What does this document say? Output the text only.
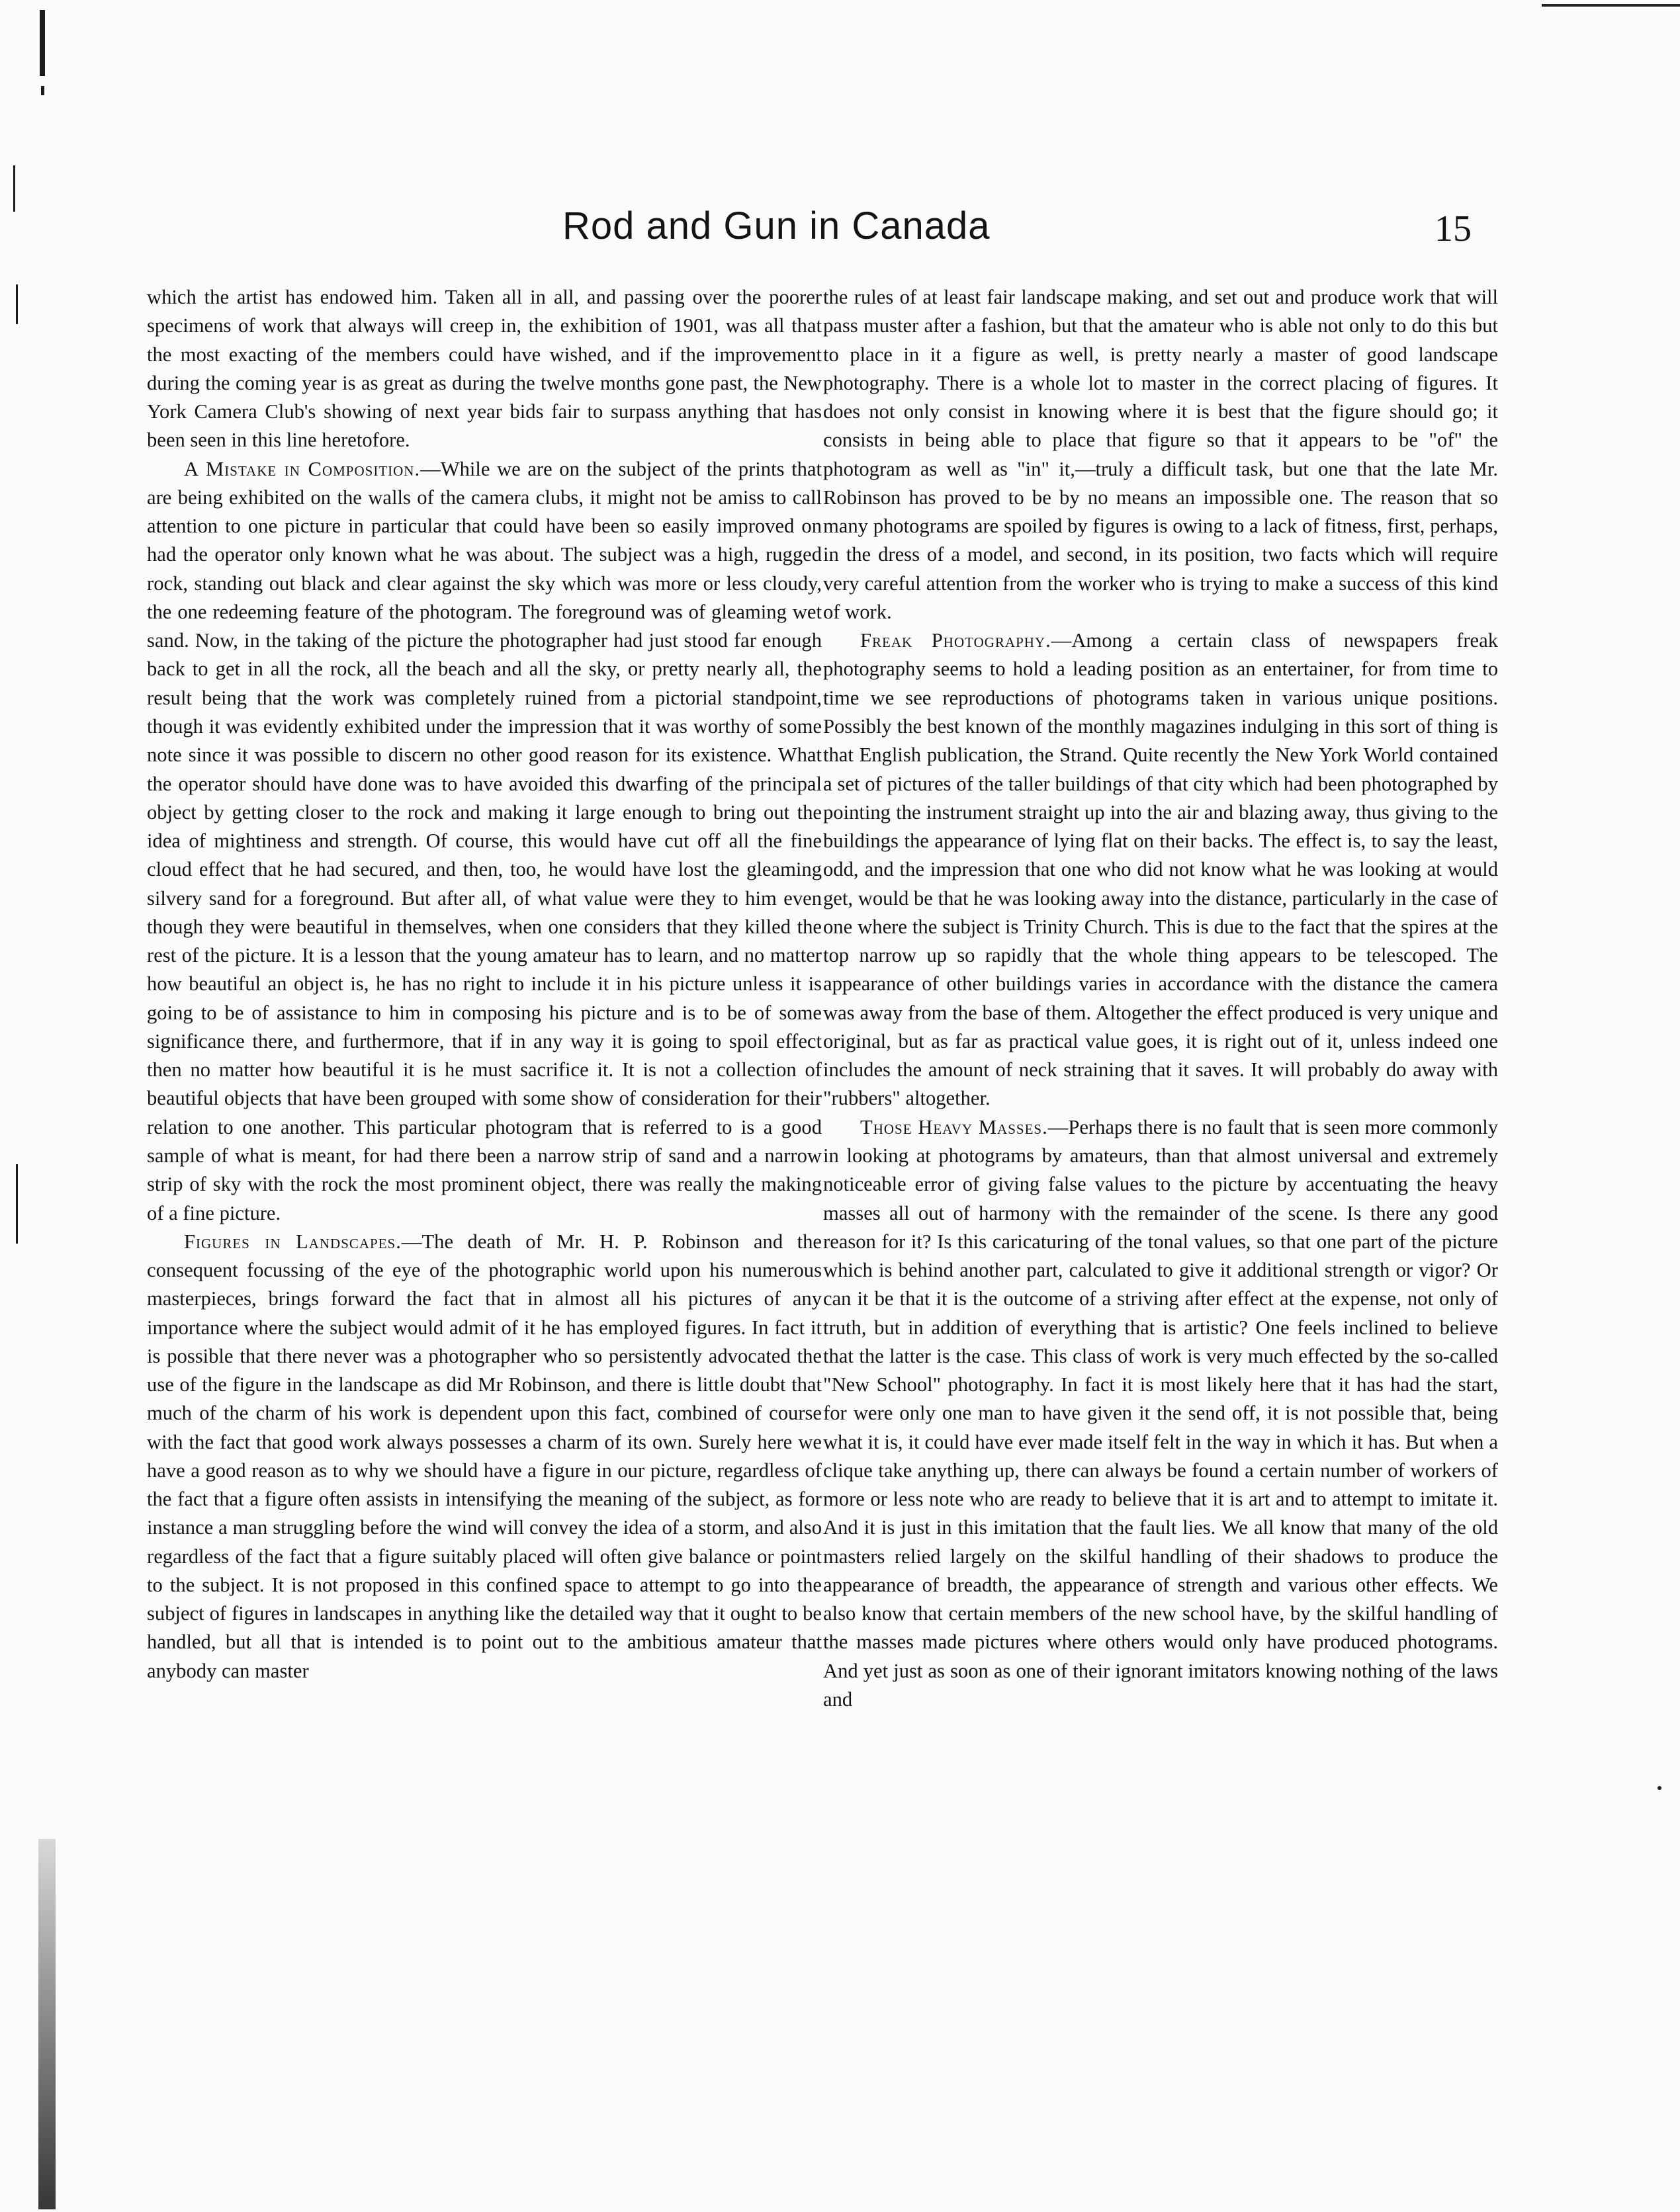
Rod and Gun in Canada	15

which the artist has endowed him. Taken all in all, and passing over the poorer specimens of work that always will creep in, the exhibition of 1901, was all that the most exacting of the members could have wished, and if the improvement during the coming year is as great as during the twelve months gone past, the New York Camera Club's showing of next year bids fair to surpass anything that has been seen in this line heretofore.

A Mistake in Composition.—While we are on the subject of the prints that are being exhibited on the walls of the camera clubs, it might not be amiss to call attention to one picture in particular that could have been so easily improved on had the operator only known what he was about. The subject was a high, rugged rock, standing out black and clear against the sky which was more or less cloudy, the one redeeming feature of the photogram. The foreground was of gleaming wet sand. Now, in the taking of the picture the photographer had just stood far enough back to get in all the rock, all the beach and all the sky, or pretty nearly all, the result being that the work was completely ruined from a pictorial standpoint, though it was evidently exhibited under the impression that it was worthy of some note since it was possible to discern no other good reason for its existence. What the operator should have done was to have avoided this dwarfing of the principal object by getting closer to the rock and making it large enough to bring out the idea of mightiness and strength. Of course, this would have cut off all the fine cloud effect that he had secured, and then, too, he would have lost the gleaming silvery sand for a foreground. But after all, of what value were they to him even though they were beautiful in themselves, when one considers that they killed the rest of the picture. It is a lesson that the young amateur has to learn, and no matter how beautiful an object is, he has no right to include it in his picture unless it is going to be of assistance to him in composing his picture and is to be of some significance there, and furthermore, that if in any way it is going to spoil effect then no matter how beautiful it is he must sacrifice it. It is not a collection of beautiful objects that have been grouped with some show of consideration for their relation to one another. This particular photogram that is referred to is a good sample of what is meant, for had there been a narrow strip of sand and a narrow strip of sky with the rock the most prominent object, there was really the making of a fine picture.

Figures in Landscapes.—The death of Mr. H. P. Robinson and the consequent focussing of the eye of the photographic world upon his numerous masterpieces, brings forward the fact that in almost all his pictures of any importance where the subject would admit of it he has employed figures. In fact it is possible that there never was a photographer who so persistently advocated the use of the figure in the landscape as did Mr Robinson, and there is little doubt that much of the charm of his work is dependent upon this fact, combined of course with the fact that good work always possesses a charm of its own. Surely here we have a good reason as to why we should have a figure in our picture, regardless of the fact that a figure often assists in intensifying the meaning of the subject, as for instance a man struggling before the wind will convey the idea of a storm, and also regardless of the fact that a figure suitably placed will often give balance or point to the subject. It is not proposed in this confined space to attempt to go into the subject of figures in landscapes in anything like the detailed way that it ought to be handled, but all that is intended is to point out to the ambitious amateur that anybody can master

the rules of at least fair landscape making, and set out and produce work that will pass muster after a fashion, but that the amateur who is able not only to do this but to place in it a figure as well, is pretty nearly a master of good landscape photography. There is a whole lot to master in the correct placing of figures. It does not only consist in knowing where it is best that the figure should go; it consists in being able to place that figure so that it appears to be "of" the photogram as well as "in" it,—truly a difficult task, but one that the late Mr. Robinson has proved to be by no means an impossible one. The reason that so many photograms are spoiled by figures is owing to a lack of fitness, first, perhaps, in the dress of a model, and second, in its position, two facts which will require very careful attention from the worker who is trying to make a success of this kind of work.

Freak Photography.—Among a certain class of newspapers freak photography seems to hold a leading position as an entertainer, for from time to time we see reproductions of photograms taken in various unique positions. Possibly the best known of the monthly magazines indulging in this sort of thing is that English publication, the Strand. Quite recently the New York World contained a set of pictures of the taller buildings of that city which had been photographed by pointing the instrument straight up into the air and blazing away, thus giving to the buildings the appearance of lying flat on their backs. The effect is, to say the least, odd, and the impression that one who did not know what he was looking at would get, would be that he was looking away into the distance, particularly in the case of one where the subject is Trinity Church. This is due to the fact that the spires at the top narrow up so rapidly that the whole thing appears to be telescoped. The appearance of other buildings varies in accordance with the distance the camera was away from the base of them. Altogether the effect produced is very unique and original, but as far as practical value goes, it is right out of it, unless indeed one includes the amount of neck straining that it saves. It will probably do away with "rubbers" altogether.

Those Heavy Masses.—Perhaps there is no fault that is seen more commonly in looking at photograms by amateurs, than that almost universal and extremely noticeable error of giving false values to the picture by accentuating the heavy masses all out of harmony with the remainder of the scene. Is there any good reason for it? Is this caricaturing of the tonal values, so that one part of the picture which is behind another part, calculated to give it additional strength or vigor? Or can it be that it is the outcome of a striving after effect at the expense, not only of truth, but in addition of everything that is artistic? One feels inclined to believe that the latter is the case. This class of work is very much effected by the so-called "New School" photography. In fact it is most likely here that it has had the start, for were only one man to have given it the send off, it is not possible that, being what it is, it could have ever made itself felt in the way in which it has. But when a clique take anything up, there can always be found a certain number of workers of more or less note who are ready to believe that it is art and to attempt to imitate it. And it is just in this imitation that the fault lies. We all know that many of the old masters relied largely on the skilful handling of their shadows to produce the appearance of breadth, the appearance of strength and various other effects. We also know that certain members of the new school have, by the skilful handling of the masses made pictures where others would only have produced photograms. And yet just as soon as one of their ignorant imitators knowing nothing of the laws and
